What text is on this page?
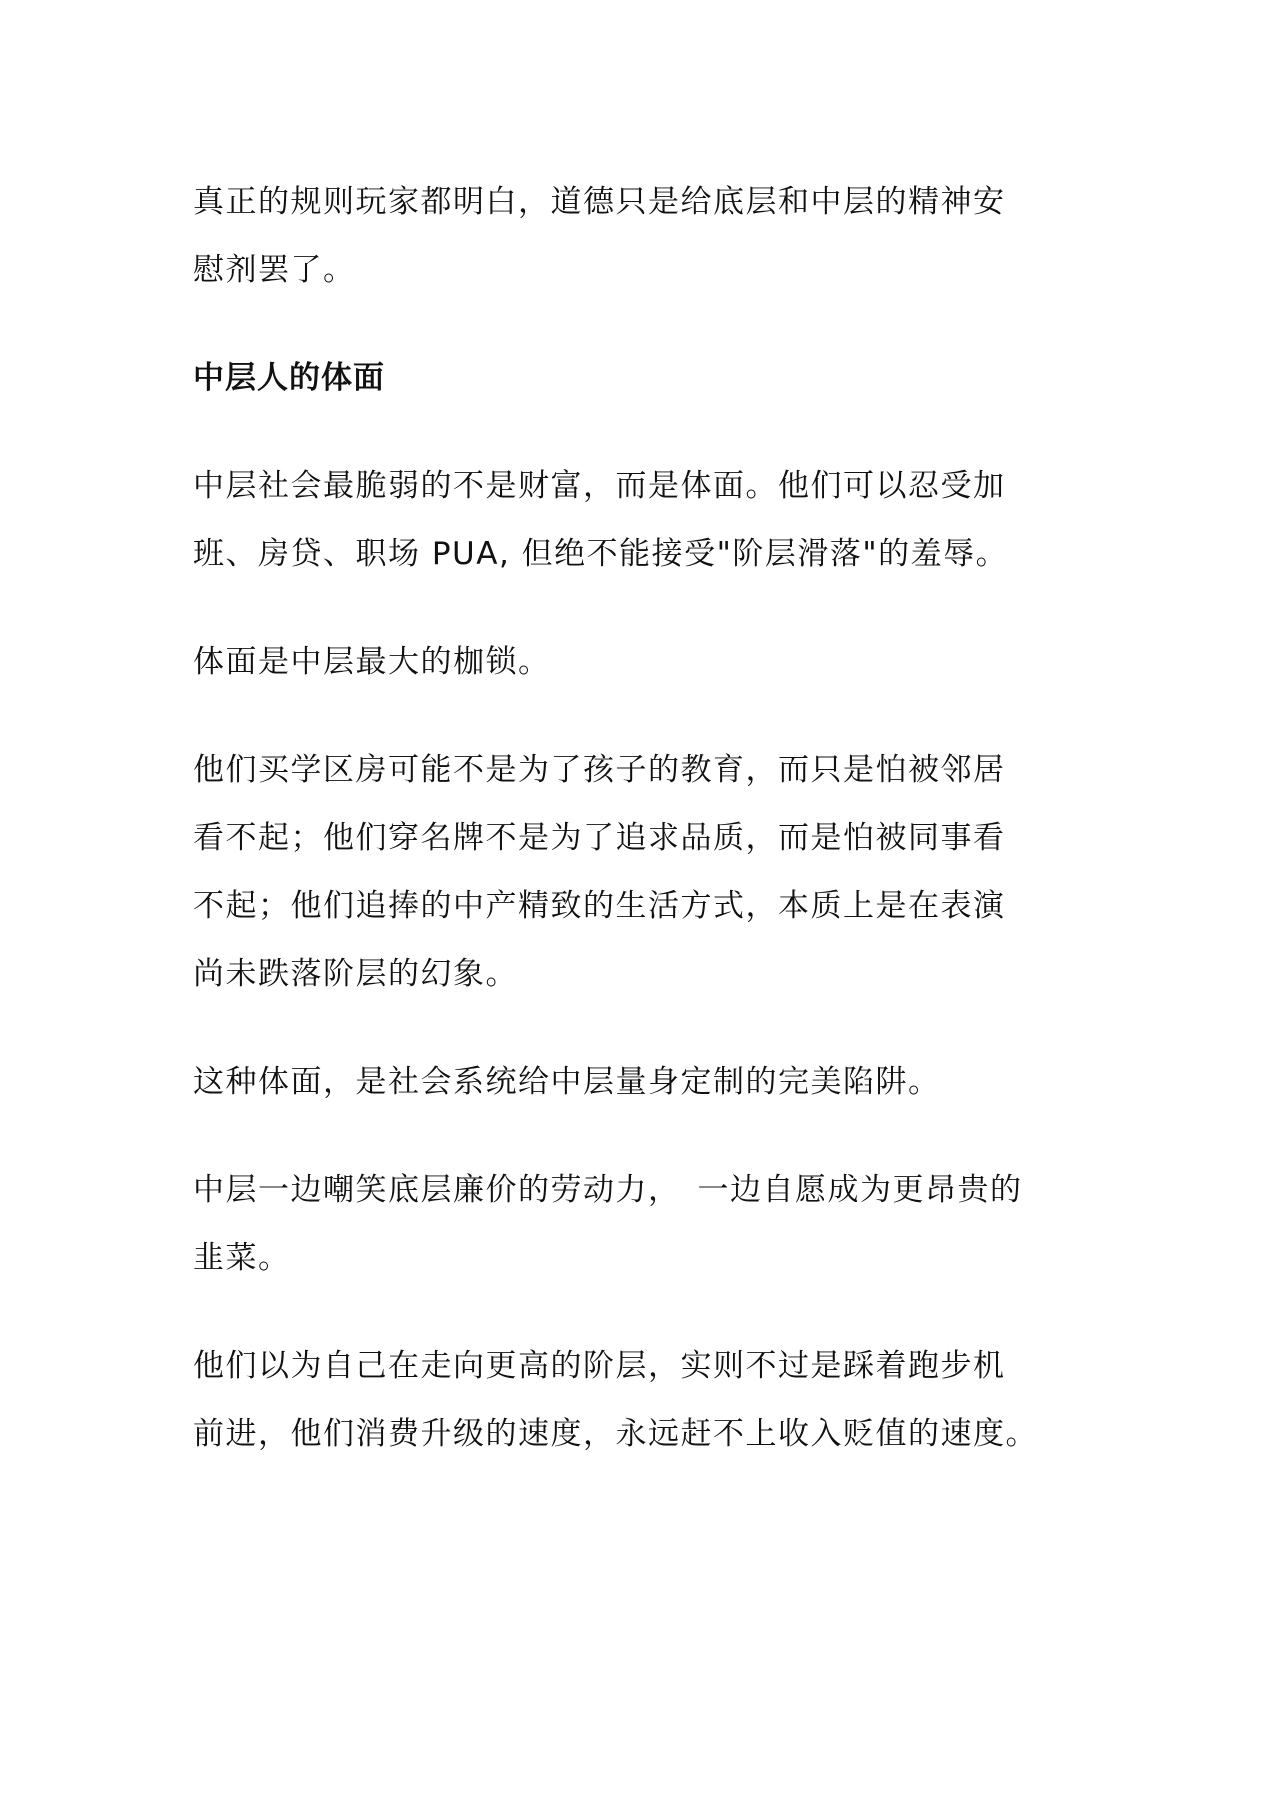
真正的规则玩家都明白，道德只是给底层和中层的精神安
慰剂罢了。

中层人的体面

中层社会最脆弱的不是财富，而是体面。他们可以忍受加
班、房贷、职场 PUA, 但绝不能接受"阶层滑落"的羞辱。

体面是中层最大的枷锁。

他们买学区房可能不是为了孩子的教育，而只是怕被邻居
看不起；他们穿名牌不是为了追求品质，而是怕被同事看
不起；他们追捧的中产精致的生活方式，本质上是在表演
尚未跌落阶层的幻象。

这种体面，是社会系统给中层量身定制的完美陷阱。

中层一边嘲笑底层廉价的劳动力，　一边自愿成为更昂贵的
韭菜。

他们以为自己在走向更高的阶层，实则不过是踩着跑步机
前进，他们消费升级的速度，永远赶不上收入贬值的速度。
